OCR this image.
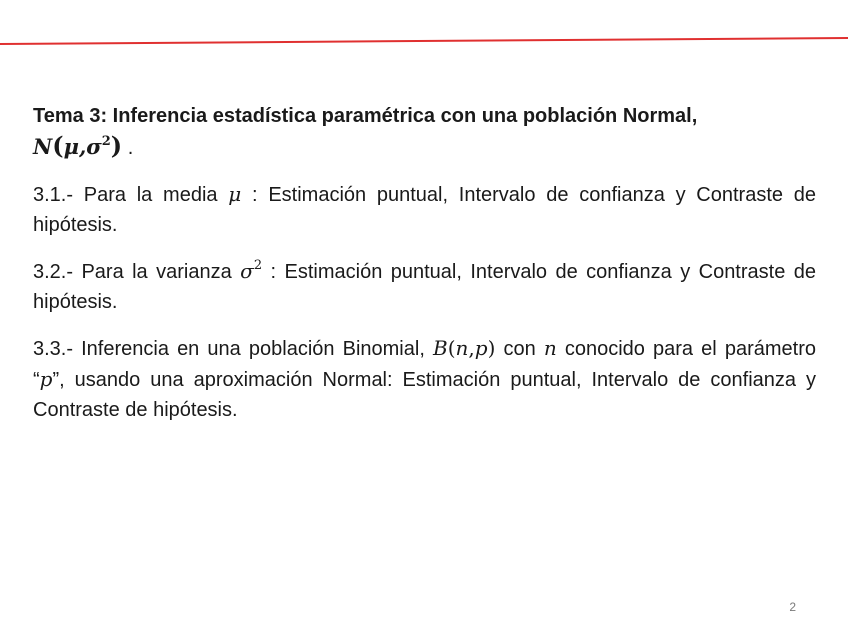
Tema 3: Inferencia estadística paramétrica con una población Normal,
$N(\mu,\sigma^2)$ .

3.1.- Para la media μ : Estimación puntual, Intervalo de confianza y Contraste de hipótesis.

3.2.- Para la varianza $\sigma^2$ : Estimación puntual, Intervalo de confianza y Contraste de hipótesis.

3.3.- Inferencia en una población Binomial, B(n,p) con n conocido para el parámetro “p”, usando una aproximación Normal: Estimación puntual, Intervalo de confianza y Contraste de hipótesis.

2
